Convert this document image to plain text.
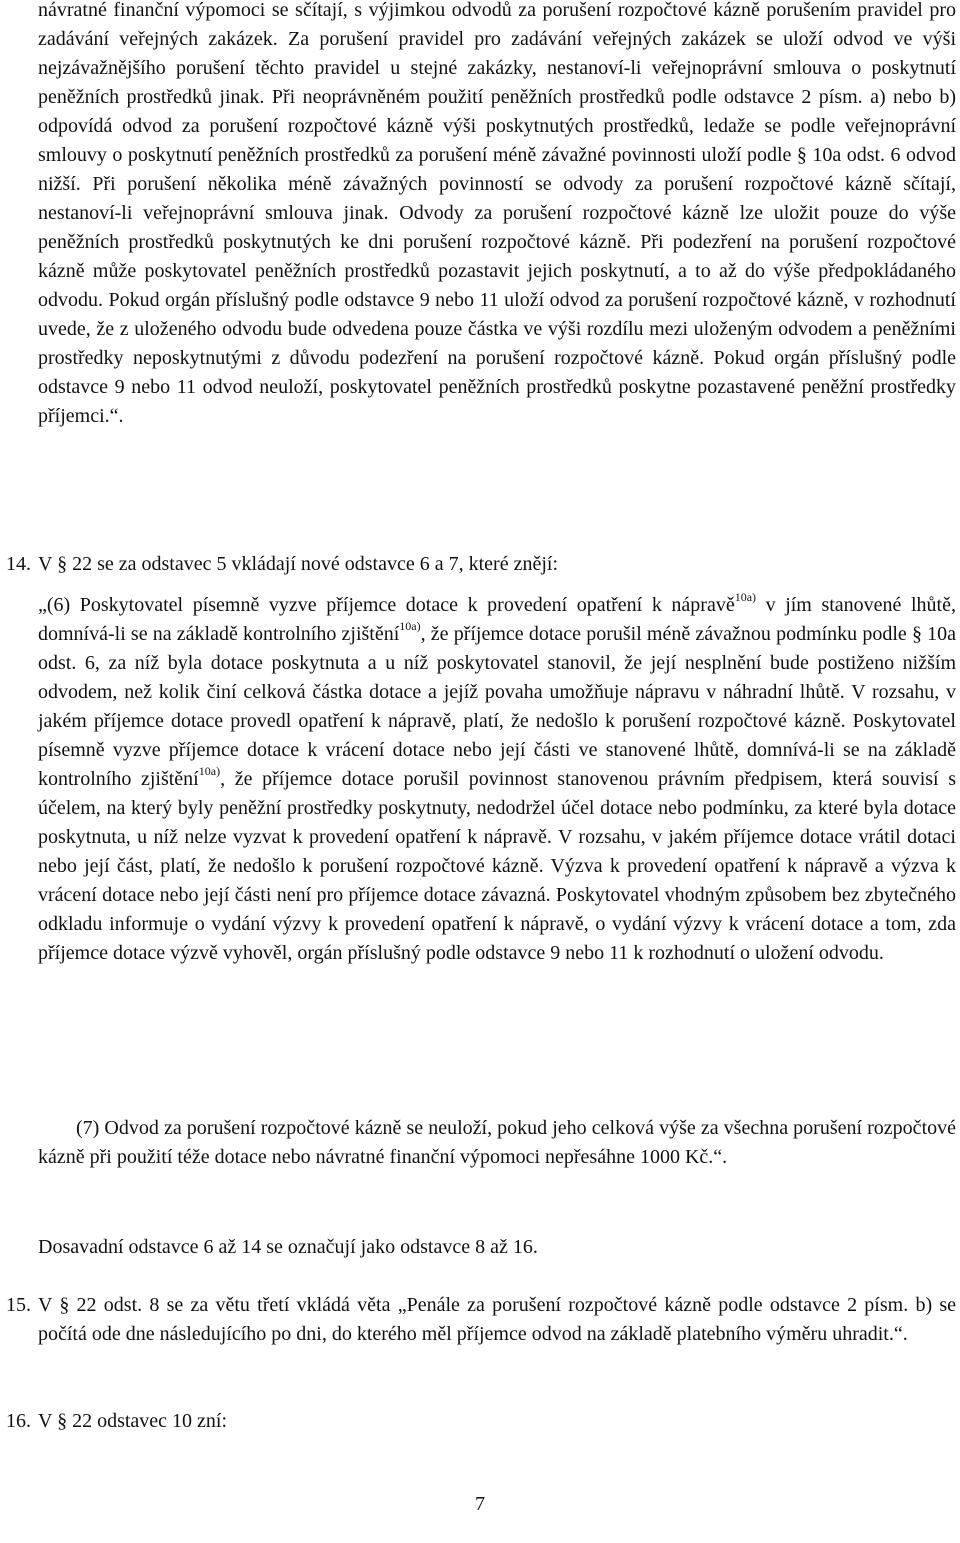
návratné finanční výpomoci se sčítají, s výjimkou odvodů za porušení rozpočtové kázně porušením pravidel pro zadávání veřejných zakázek. Za porušení pravidel pro zadávání veřejných zakázek se uloží odvod ve výši nejzávažnějšího porušení těchto pravidel u stejné zakázky, nestanoví-li veřejnoprávní smlouva o poskytnutí peněžních prostředků jinak. Při neoprávněném použití peněžních prostředků podle odstavce 2 písm. a) nebo b) odpovídá odvod za porušení rozpočtové kázně výši poskytnutých prostředků, ledaže se podle veřejnoprávní smlouvy o poskytnutí peněžních prostředků za porušení méně závažné povinnosti uloží podle § 10a odst. 6 odvod nižší. Při porušení několika méně závažných povinností se odvody za porušení rozpočtové kázně sčítají, nestanoví-li veřejnoprávní smlouva jinak. Odvody za porušení rozpočtové kázně lze uložit pouze do výše peněžních prostředků poskytnutých ke dni porušení rozpočtové kázně. Při podezření na porušení rozpočtové kázně může poskytovatel peněžních prostředků pozastavit jejich poskytnutí, a to až do výše předpokládaného odvodu. Pokud orgán příslušný podle odstavce 9 nebo 11 uloží odvod za porušení rozpočtové kázně, v rozhodnutí uvede, že z uloženého odvodu bude odvedena pouze částka ve výši rozdílu mezi uloženým odvodem a peněžními prostředky neposkytnutými z důvodu podezření na porušení rozpočtové kázně. Pokud orgán příslušný podle odstavce 9 nebo 11 odvod neuloží, poskytovatel peněžních prostředků poskytne pozastavené peněžní prostředky příjemci.“.

14. V § 22 se za odstavec 5 vkládají nové odstavce 6 a 7, které znějí:

„(6) Poskytovatel písemně vyzve příjemce dotace k provedení opatření k nápravě$^{10a)}$ v jím stanovené lhůtě, domnívá-li se na základě kontrolního zjištění$^{10a)}$, že příjemce dotace porušil méně závažnou podmínku podle § 10a odst. 6, za níž byla dotace poskytnuta a u níž poskytovatel stanovil, že její nesplnění bude postiženo nižším odvodem, než kolik činí celková částka dotace a jejíž povaha umožňuje nápravu v náhradní lhůtě. V rozsahu, v jakém příjemce dotace provedl opatření k nápravě, platí, že nedošlo k porušení rozpočtové kázně. Poskytovatel písemně vyzve příjemce dotace k vrácení dotace nebo její části ve stanovené lhůtě, domnívá-li se na základě kontrolního zjištění$^{10a)}$, že příjemce dotace porušil povinnost stanovenou právním předpisem, která souvisí s účelem, na který byly peněžní prostředky poskytnuty, nedodržel účel dotace nebo podmínku, za které byla dotace poskytnuta, u níž nelze vyzvat k provedení opatření k nápravě. V rozsahu, v jakém příjemce dotace vrátil dotaci nebo její část, platí, že nedošlo k porušení rozpočtové kázně. Výzva k provedení opatření k nápravě a výzva k vrácení dotace nebo její části není pro příjemce dotace závazná. Poskytovatel vhodným způsobem bez zbytečného odkladu informuje o vydání výzvy k provedení opatření k nápravě, o vydání výzvy k vrácení dotace a tom, zda příjemce dotace výzvě vyhověl, orgán příslušný podle odstavce 9 nebo 11 k rozhodnutí o uložení odvodu.

(7) Odvod za porušení rozpočtové kázně se neuloží, pokud jeho celková výše za všechna porušení rozpočtové kázně při použití téže dotace nebo návratné finanční výpomoci nepřesáhne 1000 Kč.“.

Dosavadní odstavce 6 až 14 se označují jako odstavce 8 až 16.

15. V § 22 odst. 8 se za větu třetí vkládá věta „Penále za porušení rozpočtové kázně podle odstavce 2 písm. b) se počítá ode dne následujícího po dni, do kterého měl příjemce odvod na základě platebního výměru uhradit.“.

16. V § 22 odstavec 10 zní:

7
